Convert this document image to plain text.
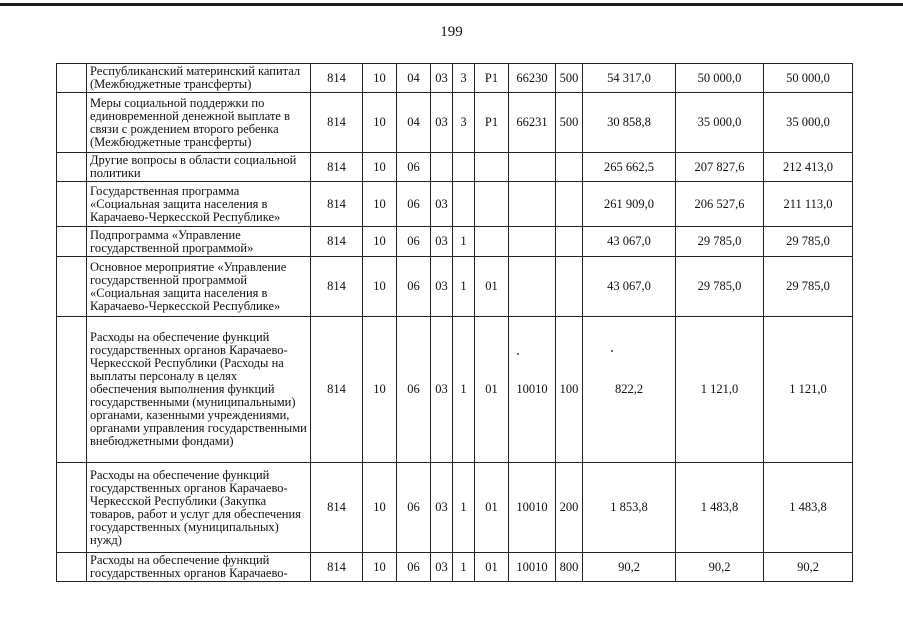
199
	Республиканский материнский капитал (Межбюджетные трансферты)	814	10	04	03	3	Р1	66230	500	54 317,0	50 000,0	50 000,0
	Меры социальной поддержки по единовременной денежной выплате в связи с рождением второго ребенка (Межбюджетные трансферты)	814	10	04	03	3	Р1	66231	500	30 858,8	35 000,0	35 000,0
	Другие вопросы в области социальной политики	814	10	06						265 662,5	207 827,6	212 413,0
	Государственная программа «Социальная защита населения в Карачаево-Черкесской Республике»	814	10	06	03					261 909,0	206 527,6	211 113,0
	Подпрограмма «Управление государственной программой»	814	10	06	03	1				43 067,0	29 785,0	29 785,0
	Основное мероприятие «Управление государственной программой «Социальная защита населения в Карачаево-Черкесской Республике»	814	10	06	03	1	01			43 067,0	29 785,0	29 785,0
	Расходы на обеспечение функций государственных органов Карачаево-Черкесской Республики (Расходы на выплаты персоналу в целях обеспечения выполнения функций государственными (муниципальными) органами, казенными учреждениями, органами управления государственными внебюджетными фондами)	814	10	06	03	1	01	10010	100	822,2	1 121,0	1 121,0
	Расходы на обеспечение функций государственных органов Карачаево-Черкесской Республики (Закупка товаров, работ и услуг для обеспечения государственных (муниципальных) нужд)	814	10	06	03	1	01	10010	200	1 853,8	1 483,8	1 483,8
	Расходы на обеспечение функций государственных органов Карачаево-	814	10	06	03	1	01	10010	800	90,2	90,2	90,2
